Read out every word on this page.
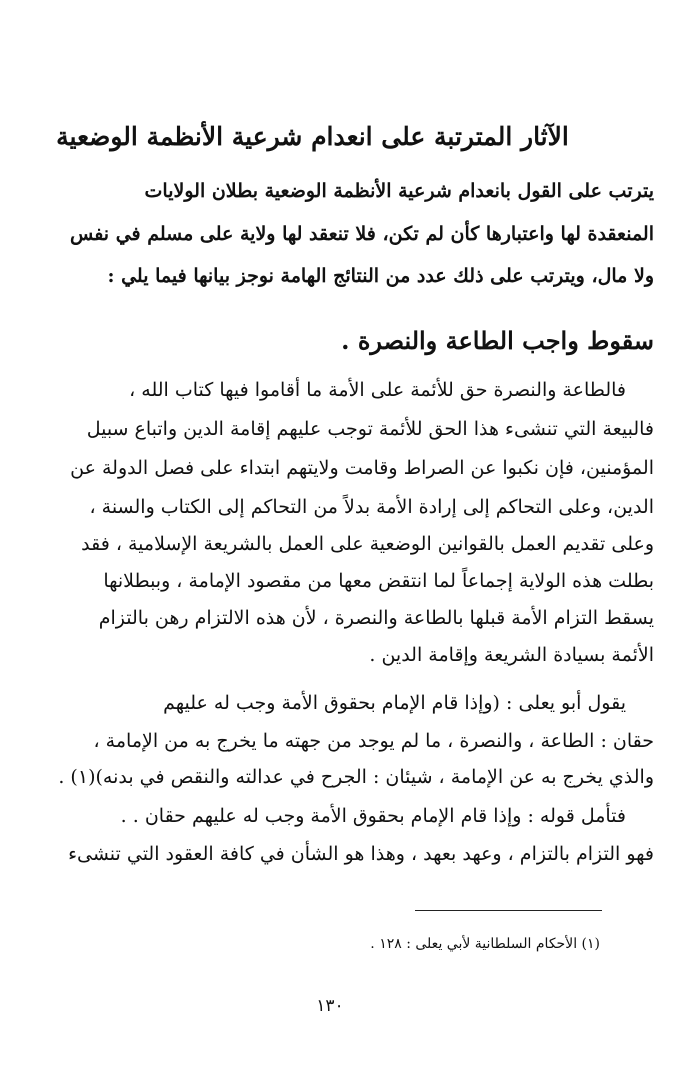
الآثار المترتبة على انعدام شرعية الأنظمة الوضعية
يترتب على القول بانعدام شرعية الأنظمة الوضعية بطلان الولايات
المنعقدة لها واعتبارها كأن لم تكن، فلا تنعقد لها ولاية على مسلم في نفس
ولا مال، ويترتب على ذلك عدد من النتائج الهامة نوجز بيانها فيما يلي :
سقوط واجب الطاعة والنصرة .
فالطاعة والنصرة حق للأئمة على الأمة ما أقاموا فيها كتاب الله ،
فالبيعة التي تنشىء هذا الحق للأئمة توجب عليهم إقامة الدين واتباع سبيل
المؤمنين، فإن نكبوا عن الصراط وقامت ولايتهم ابتداء على فصل الدولة عن
الدين، وعلى التحاكم إلى إرادة الأمة بدلاً من التحاكم إلى الكتاب والسنة ،
وعلى تقديم العمل بالقوانين الوضعية على العمل بالشريعة الإسلامية ، فقد
بطلت هذه الولاية إجماعاً لما انتقض معها من مقصود الإمامة ، وببطلانها
يسقط التزام الأمة قبلها بالطاعة والنصرة ، لأن هذه الالتزام رهن بالتزام
الأئمة بسيادة الشريعة وإقامة الدين .
يقول أبو يعلى : (وإذا قام الإمام بحقوق الأمة وجب له عليهم
حقان : الطاعة ، والنصرة ، ما لم يوجد من جهته ما يخرج به من الإمامة ،
والذي يخرج به عن الإمامة ، شيئان : الجرح في عدالته والنقص في بدنه)(١) .
فتأمل قوله : وإذا قام الإمام بحقوق الأمة وجب له عليهم حقان . .
فهو التزام بالتزام ، وعهد بعهد ، وهذا هو الشأن في كافة العقود التي تنشىء
(١) الأحكام السلطانية لأبي يعلى : ١٢٨ .
١٣٠
